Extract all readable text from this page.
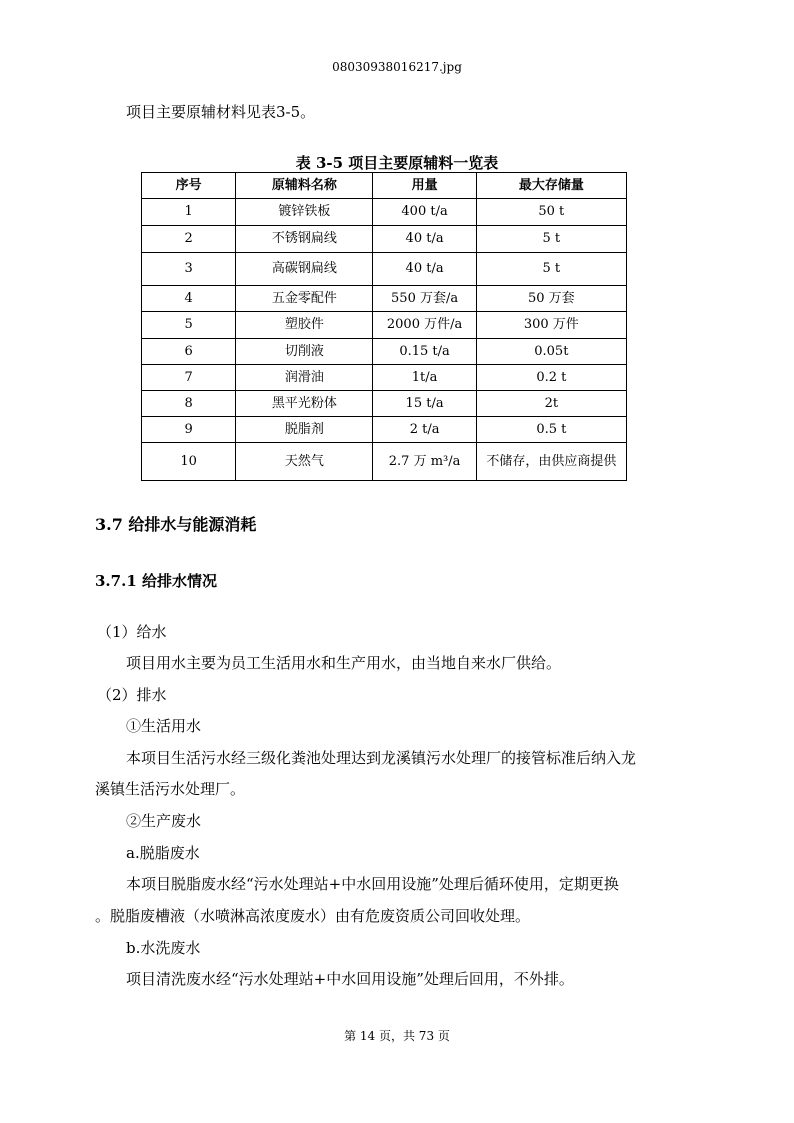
08030938016217.jpg
项目主要原辅材料见表3-5。
表 3-5 项目主要原辅料一览表
序号	原辅料名称	用量	最大存储量
1	镀锌铁板	400 t/a	50 t
2	不锈钢扁线	40 t/a	5 t
3	高碳钢扁线	40 t/a	5 t
4	五金零配件	550 万套/a	50 万套
5	塑胶件	2000 万件/a	300 万件
6	切削液	0.15 t/a	0.05t
7	润滑油	1t/a	0.2 t
8	黑平光粉体	15 t/a	2t
9	脱脂剂	2 t/a	0.5 t
10	天然气	2.7 万 m³/a	不储存，由供应商提供
3.7 给排水与能源消耗
3.7.1 给排水情况
（1）给水
项目用水主要为员工生活用水和生产用水，由当地自来水厂供给。
（2）排水
①生活用水
本项目生活污水经三级化粪池处理达到龙溪镇污水处理厂的接管标准后纳入龙
溪镇生活污水处理厂。
②生产废水
a.脱脂废水
本项目脱脂废水经“污水处理站+中水回用设施”处理后循环使用，定期更换
。脱脂废槽液（水喷淋高浓度废水）由有危废资质公司回收处理。
b.水洗废水
项目清洗废水经“污水处理站+中水回用设施”处理后回用，不外排。
第 14 页，共 73 页
